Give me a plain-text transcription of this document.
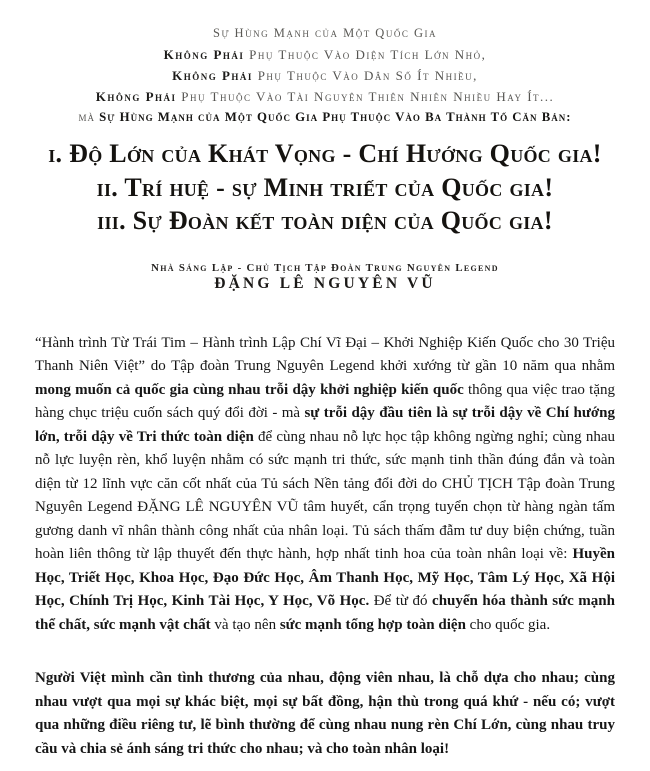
Sự Hùng Mạnh của Một Quốc Gia
Không Phải Phụ Thuộc Vào Diện Tích Lớn Nhỏ,
Không Phải Phụ Thuộc Vào Dân Số Ít Nhiều,
Không Phải Phụ Thuộc Vào Tài Nguyên Thiên Nhiên Nhiều Hay Ít...
mà Sự Hùng Mạnh của Một Quốc Gia Phụ Thuộc Vào Ba Thành Tố Căn Bản:
i. Độ Lớn của Khát Vọng - Chí Hướng Quốc gia!
ii. Trí huệ - sự Minh triết của Quốc gia!
iii. Sự Đoàn kết toàn diện của Quốc gia!
Nhà Sáng Lập - Chủ Tịch Tập Đoàn Trung Nguyên Legend
ĐẶNG LÊ NGUYÊN VŨ

“Hành trình Từ Trái Tim – Hành trình Lập Chí Vĩ Đại – Khởi Nghiệp Kiến Quốc cho 30 Triệu Thanh Niên Việt” do Tập đoàn Trung Nguyên Legend khởi xướng từ gần 10 năm qua nhằm mong muốn cả quốc gia cùng nhau trỗi dậy khởi nghiệp kiến quốc thông qua việc trao tặng hàng chục triệu cuốn sách quý đổi đời - mà sự trỗi dậy đầu tiên là sự trỗi dậy về Chí hướng lớn, trỗi dậy về Tri thức toàn diện để cùng nhau nỗ lực học tập không ngừng nghỉ; cùng nhau nỗ lực luyện rèn, khổ luyện nhằm có sức mạnh tri thức, sức mạnh tinh thần đúng đắn và toàn diện từ 12 lĩnh vực căn cốt nhất của Tủ sách Nền tảng đổi đời do CHỦ TỊCH Tập đoàn Trung Nguyên Legend ĐẶNG LÊ NGUYÊN VŨ tâm huyết, cẩn trọng tuyển chọn từ hàng ngàn tấm gương danh vĩ nhân thành công nhất của nhân loại. Tủ sách thấm đẫm tư duy biện chứng, tuần hoàn liên thông từ lập thuyết đến thực hành, hợp nhất tinh hoa của toàn nhân loại về: Huyền Học, Triết Học, Khoa Học, Đạo Đức Học, Âm Thanh Học, Mỹ Học, Tâm Lý Học, Xã Hội Học, Chính Trị Học, Kinh Tài Học, Y Học, Võ Học. Để từ đó chuyển hóa thành sức mạnh thể chất, sức mạnh vật chất và tạo nên sức mạnh tổng hợp toàn diện cho quốc gia.

Người Việt mình cần tình thương của nhau, động viên nhau, là chỗ dựa cho nhau; cùng nhau vượt qua mọi sự khác biệt, mọi sự bất đồng, hận thù trong quá khứ - nếu có; vượt qua những điều riêng tư, lẽ bình thường để cùng nhau nung rèn Chí Lớn, cùng nhau truy cầu và chia sẻ ánh sáng tri thức cho nhau; và cho toàn nhân loại!
